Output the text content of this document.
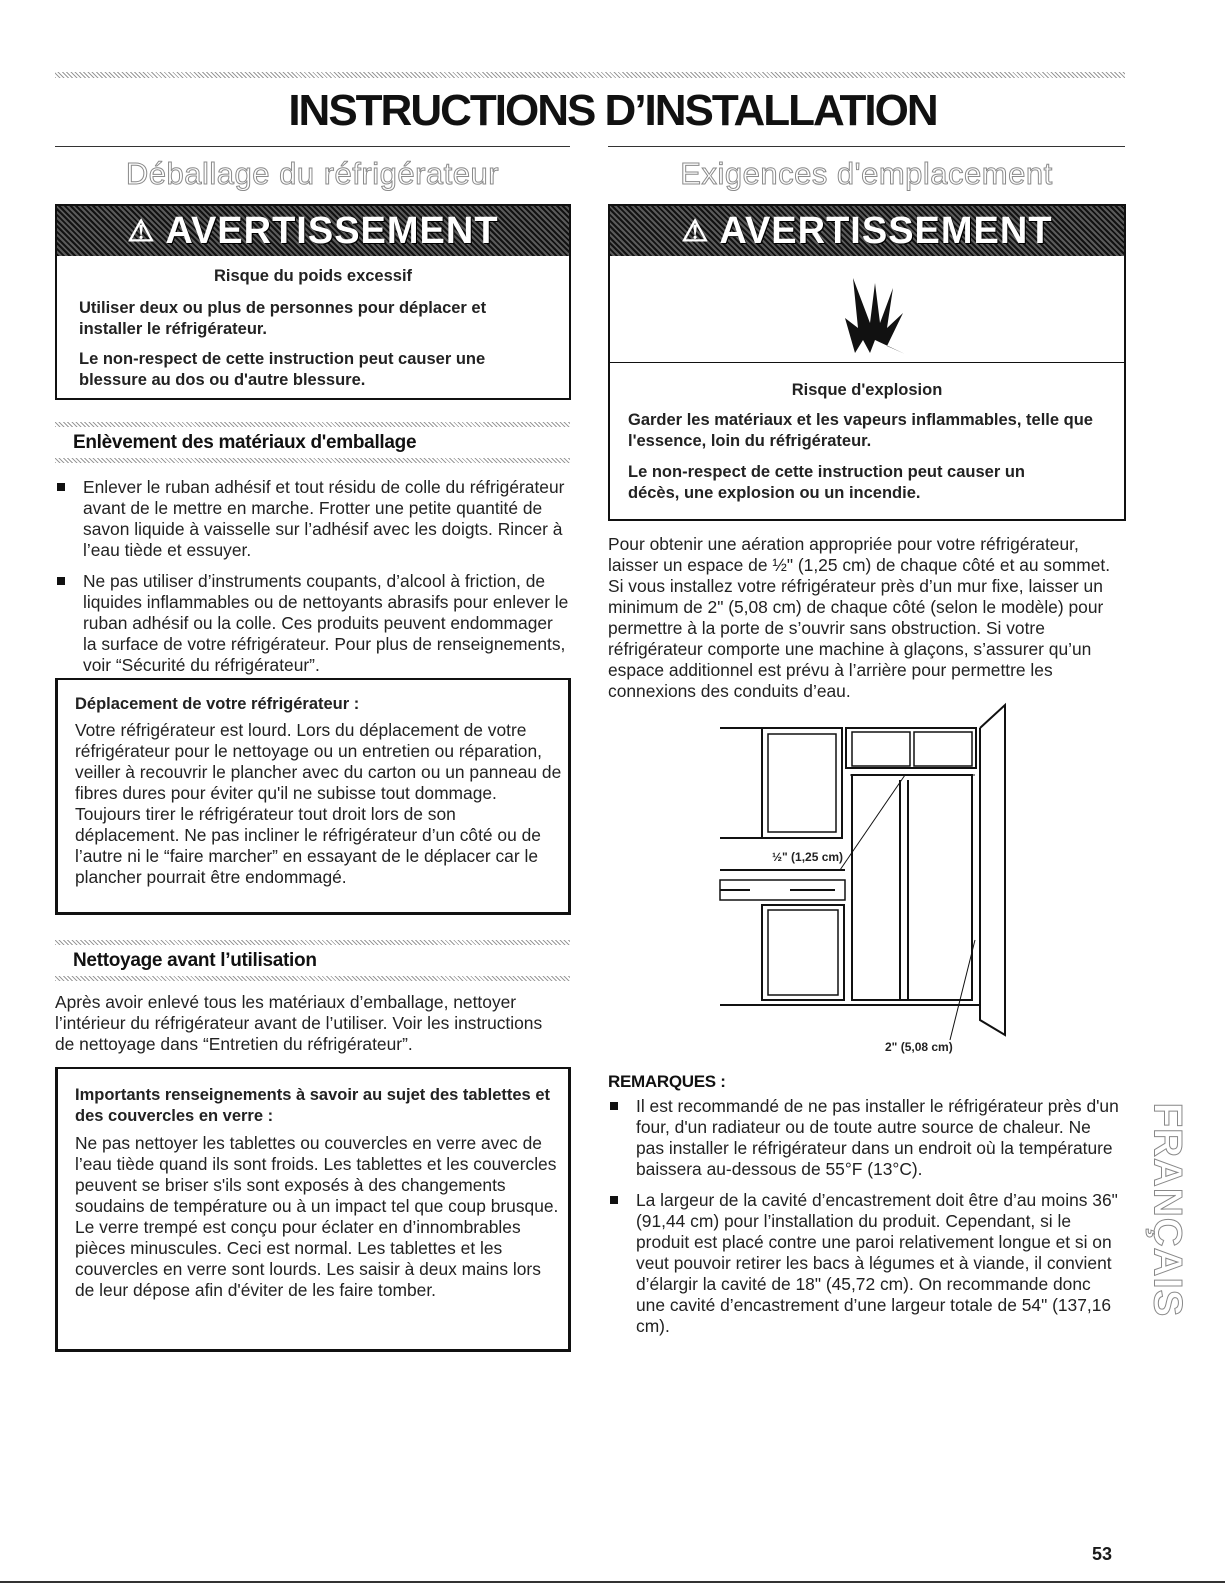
INSTRUCTIONS D’INSTALLATION
Déballage du réfrigérateur	Exigences d'emplacement
⚠ AVERTISSEMENT
Risque du poids excessif
Utiliser deux ou plus de personnes pour déplacer et installer le réfrigérateur.
Le non-respect de cette instruction peut causer une blessure au dos ou d'autre blessure.
Enlèvement des matériaux d'emballage
Enlever le ruban adhésif et tout résidu de colle du réfrigérateur avant de le mettre en marche. Frotter une petite quantité de savon liquide à vaisselle sur l’adhésif avec les doigts. Rincer à l’eau tiède et essuyer.
Ne pas utiliser d’instruments coupants, d’alcool à friction, de liquides inflammables ou de nettoyants abrasifs pour enlever le ruban adhésif ou la colle. Ces produits peuvent endommager la surface de votre réfrigérateur. Pour plus de renseignements, voir “Sécurité du réfrigérateur”.
Déplacement de votre réfrigérateur :
Votre réfrigérateur est lourd. Lors du déplacement de votre réfrigérateur pour le nettoyage ou un entretien ou réparation, veiller à recouvrir le plancher avec du carton ou un panneau de fibres dures pour éviter qu'il ne subisse tout dommage. Toujours tirer le réfrigérateur tout droit lors de son déplacement. Ne pas incliner le réfrigérateur d’un côté ou de l’autre ni le “faire marcher” en essayant de le déplacer car le plancher pourrait être endommagé.
Nettoyage avant l’utilisation
Après avoir enlevé tous les matériaux d’emballage, nettoyer l’intérieur du réfrigérateur avant de l’utiliser. Voir les instructions de nettoyage dans “Entretien du réfrigérateur”.
Importants renseignements à savoir au sujet des tablettes et des couvercles en verre :
Ne pas nettoyer les tablettes ou couvercles en verre avec de l’eau tiède quand ils sont froids. Les tablettes et les couvercles peuvent se briser s'ils sont exposés à des changements soudains de température ou à un impact tel que coup brusque. Le verre trempé est conçu pour éclater en d’innombrables pièces minuscules. Ceci est normal. Les tablettes et les couvercles en verre sont lourds. Les saisir à deux mains lors de leur dépose afin d'éviter de les faire tomber.
⚠ AVERTISSEMENT
Risque d'explosion
Garder les matériaux et les vapeurs inflammables, telle que l'essence, loin du réfrigérateur.
Le non-respect de cette instruction peut causer un décès, une explosion ou un incendie.
Pour obtenir une aération appropriée pour votre réfrigérateur, laisser un espace de ½" (1,25 cm) de chaque côté et au sommet. Si vous installez votre réfrigérateur près d’un mur fixe, laisser un minimum de 2" (5,08 cm) de chaque côté (selon le modèle) pour permettre à la porte de s’ouvrir sans obstruction. Si votre réfrigérateur comporte une machine à glaçons, s’assurer qu’un espace additionnel est prévu à l’arrière pour permettre les connexions des conduits d’eau.
½" (1,25 cm)
2" (5,08 cm)
REMARQUES :
Il est recommandé de ne pas installer le réfrigérateur près d'un four, d'un radiateur ou de toute autre source de chaleur. Ne pas installer le réfrigérateur dans un endroit où la température baissera au-dessous de 55°F (13°C).
La largeur de la cavité d’encastrement doit être d’au moins 36" (91,44 cm) pour l’installation du produit. Cependant, si le produit est placé contre une paroi relativement longue et si on veut pouvoir retirer les bacs à légumes et à viande, il convient d’élargir la cavité de 18" (45,72 cm). On recommande donc une cavité d’encastrement d’une largeur totale de 54" (137,16 cm).
FRANÇAIS
53
